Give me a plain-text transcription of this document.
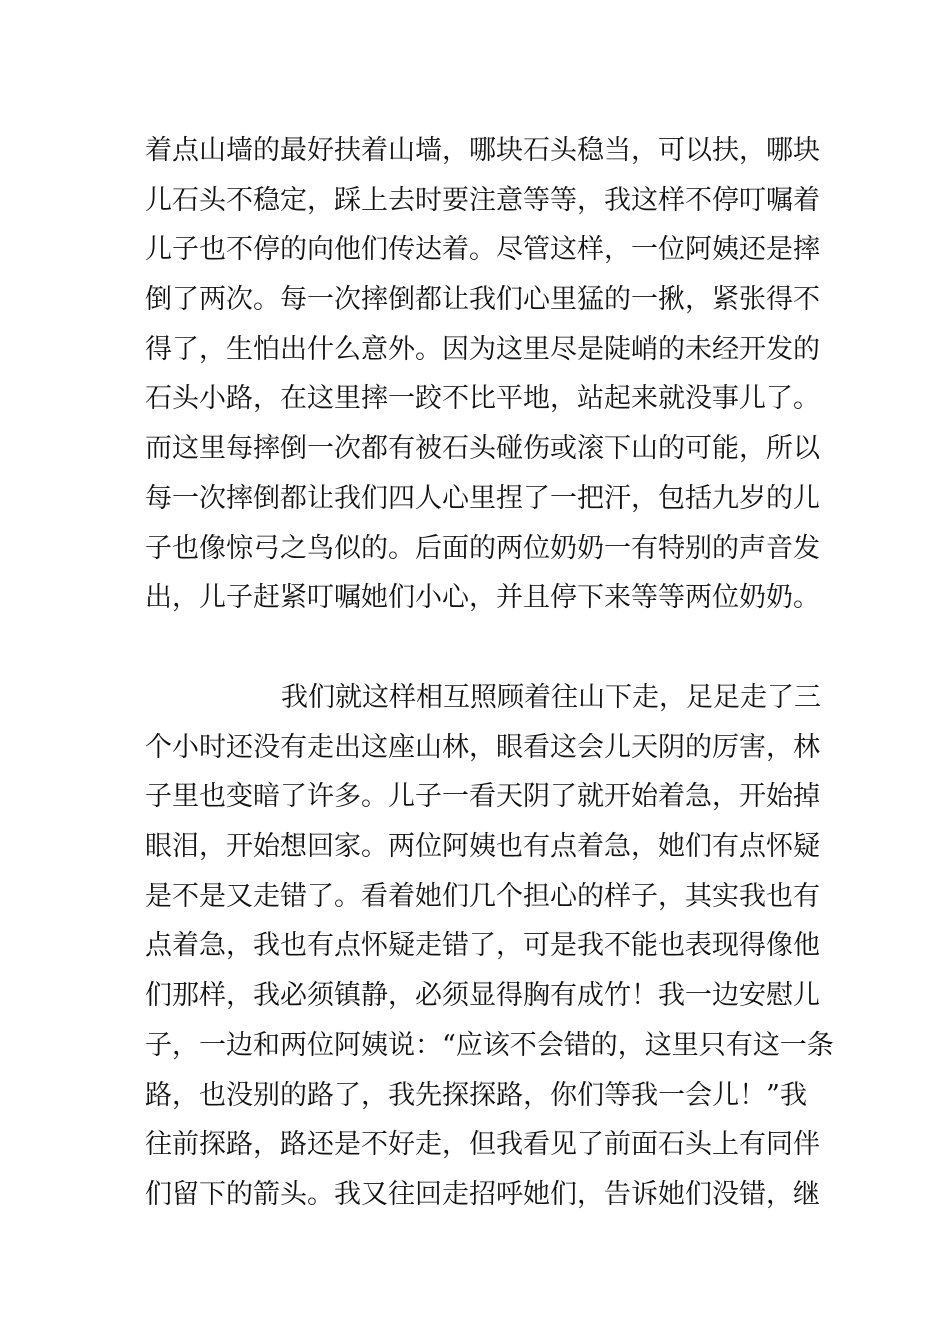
着点山墙的最好扶着山墙，哪块石头稳当，可以扶，哪块
儿石头不稳定，踩上去时要注意等等，我这样不停叮嘱着
儿子也不停的向他们传达着。尽管这样，一位阿姨还是摔
倒了两次。每一次摔倒都让我们心里猛的一揪，紧张得不
得了，生怕出什么意外。因为这里尽是陡峭的未经开发的
石头小路，在这里摔一跤不比平地，站起来就没事儿了。
而这里每摔倒一次都有被石头碰伤或滚下山的可能，所以
每一次摔倒都让我们四人心里捏了一把汗，包括九岁的儿
子也像惊弓之鸟似的。后面的两位奶奶一有特别的声音发
出，儿子赶紧叮嘱她们小心，并且停下来等等两位奶奶。
我们就这样相互照顾着往山下走，足足走了三
个小时还没有走出这座山林，眼看这会儿天阴的厉害，林
子里也变暗了许多。儿子一看天阴了就开始着急，开始掉
眼泪，开始想回家。两位阿姨也有点着急，她们有点怀疑
是不是又走错了。看着她们几个担心的样子，其实我也有
点着急，我也有点怀疑走错了，可是我不能也表现得像他
们那样，我必须镇静，必须显得胸有成竹！我一边安慰儿
子，一边和两位阿姨说：“应该不会错的，这里只有这一条
路，也没别的路了，我先探探路，你们等我一会儿！”我
往前探路，路还是不好走，但我看见了前面石头上有同伴
们留下的箭头。我又往回走招呼她们，告诉她们没错，继
